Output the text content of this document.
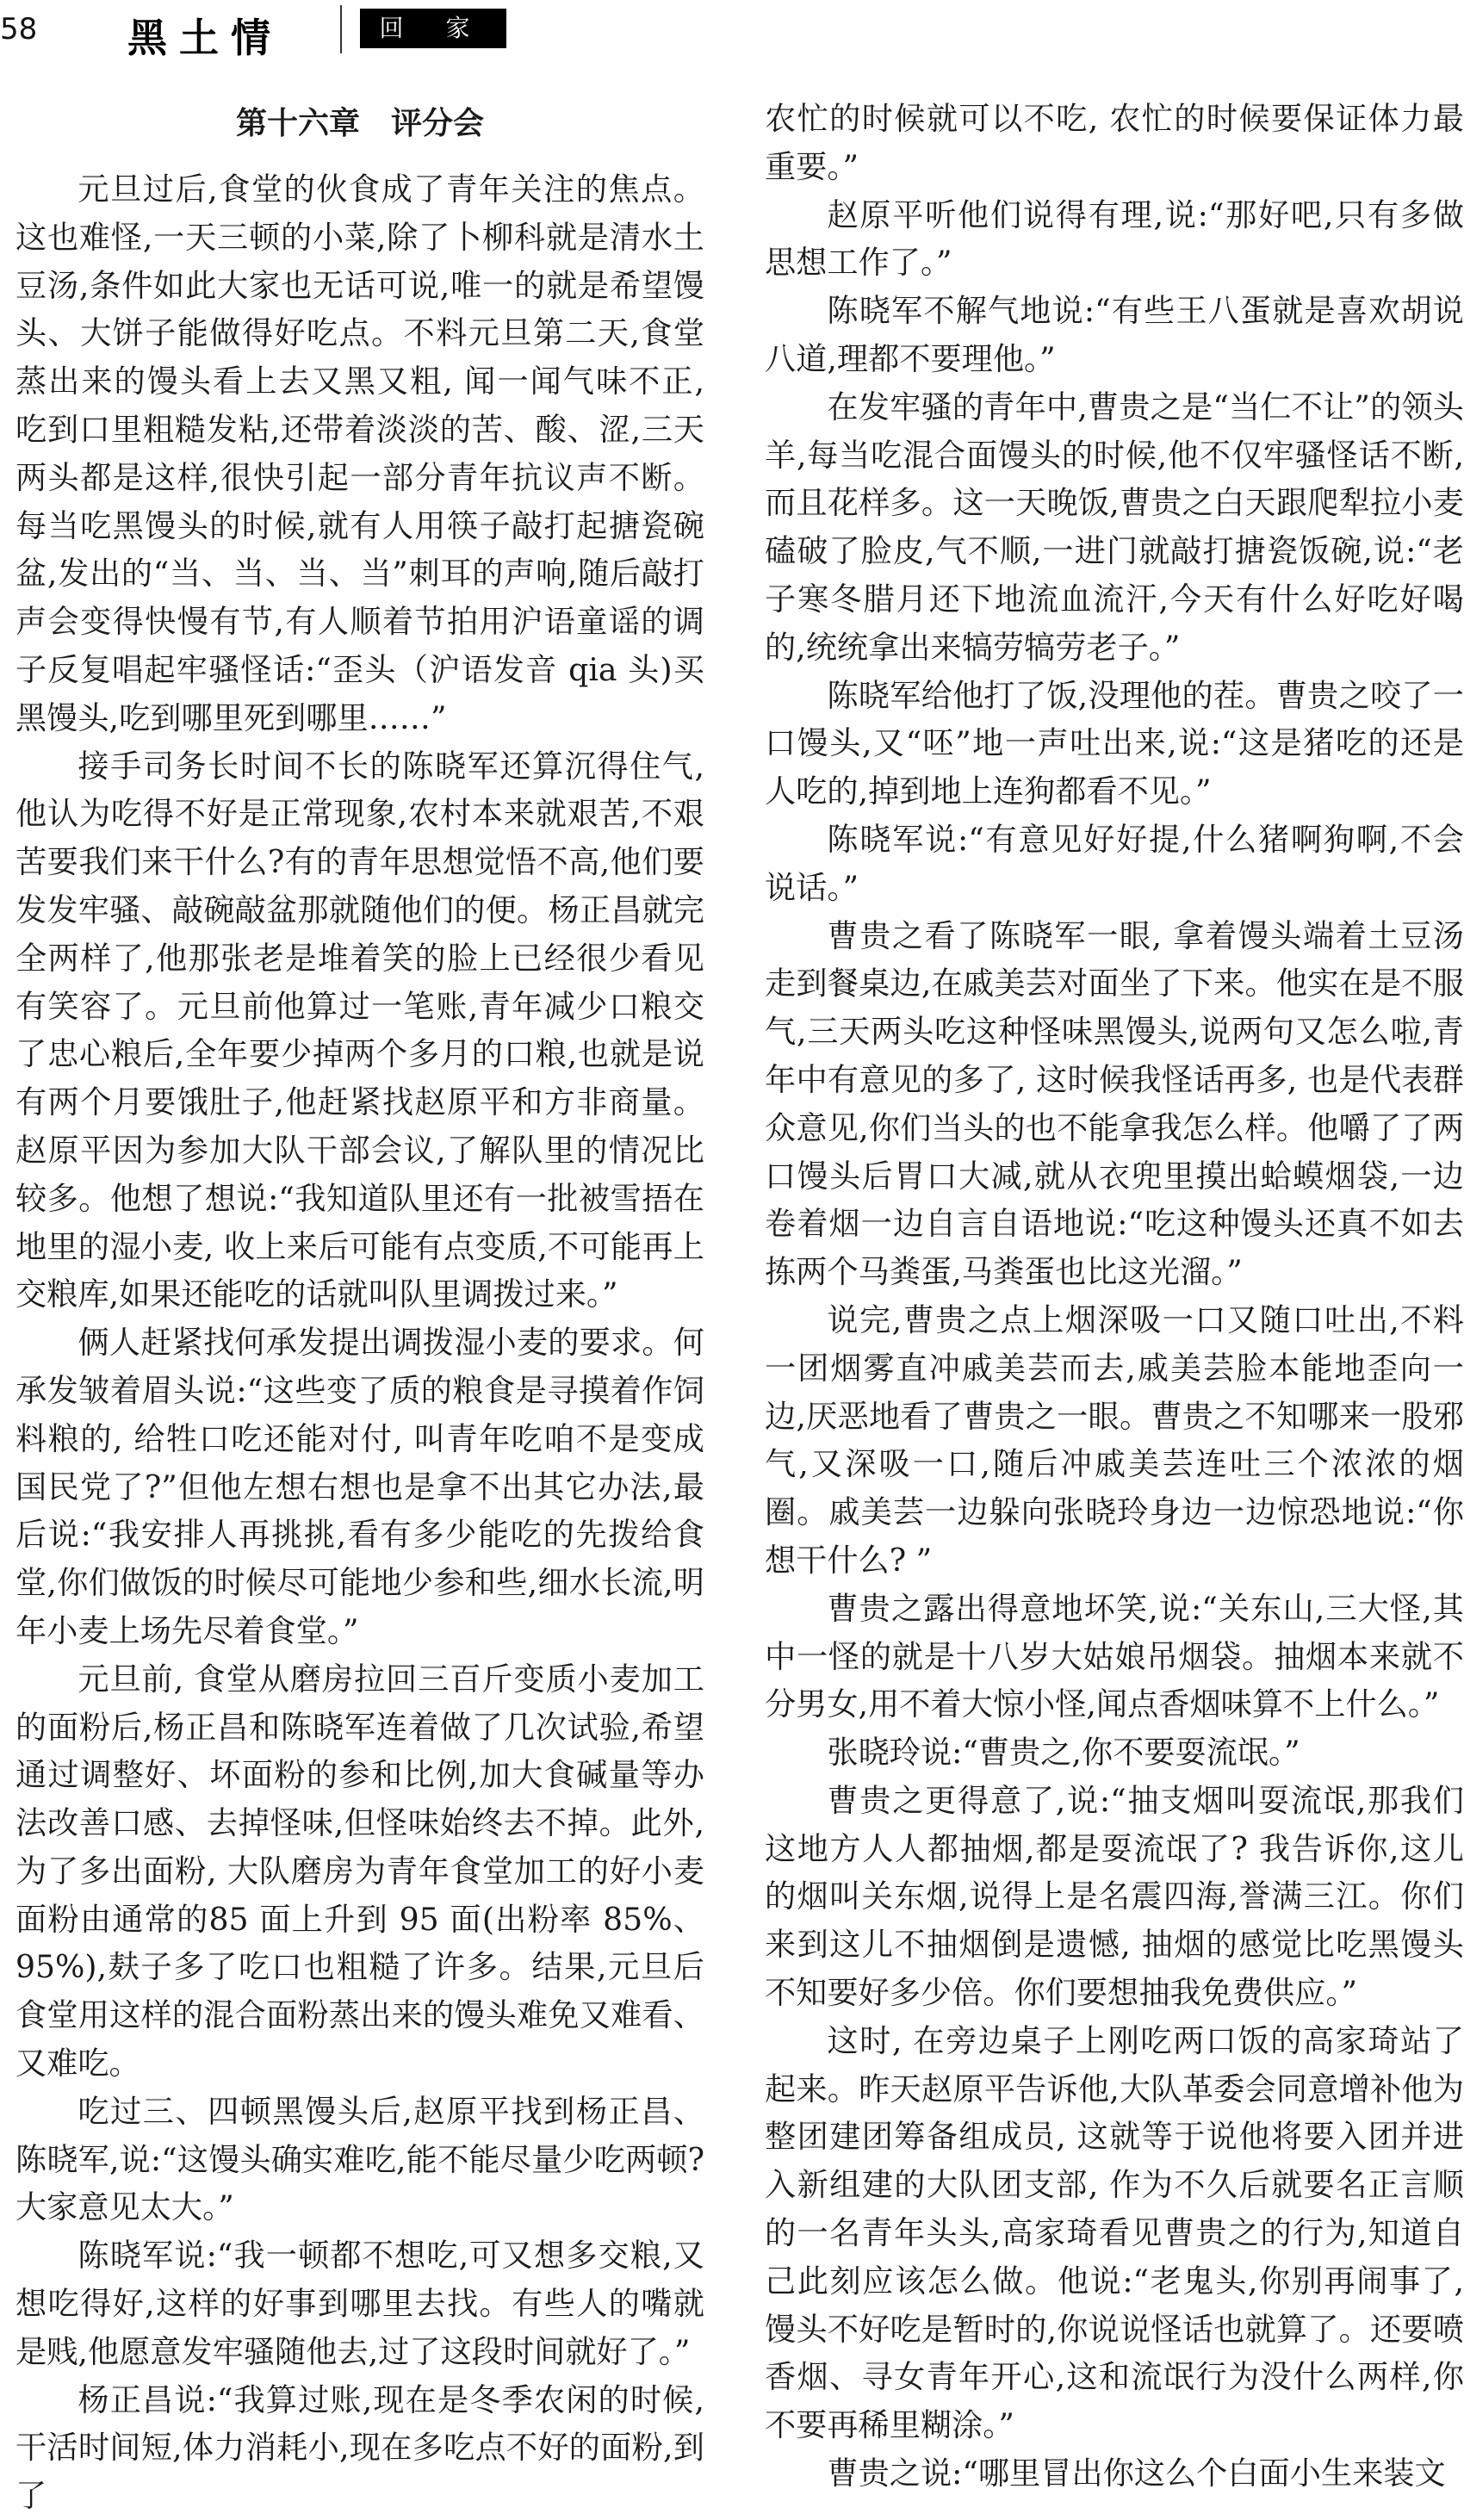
58 黑土情	回 家
第十六章　评分会

元旦过后,食堂的伙食成了青年关注的焦点。这也难怪,一天三顿的小菜,除了卜柳科就是清水土豆汤,条件如此大家也无话可说,唯一的就是希望馒头、大饼子能做得好吃点。不料元旦第二天,食堂蒸出来的馒头看上去又黑又粗, 闻一闻气味不正, 吃到口里粗糙发粘,还带着淡淡的苦、酸、涩,三天两头都是这样,很快引起一部分青年抗议声不断。每当吃黑馒头的时候,就有人用筷子敲打起搪瓷碗盆,发出的“当、当、当、当”刺耳的声响,随后敲打声会变得快慢有节,有人顺着节拍用沪语童谣的调子反复唱起牢骚怪话:“歪头（沪语发音 qia 头)买黑馒头,吃到哪里死到哪里……”

接手司务长时间不长的陈晓军还算沉得住气,他认为吃得不好是正常现象,农村本来就艰苦,不艰苦要我们来干什么?有的青年思想觉悟不高,他们要发发牢骚、敲碗敲盆那就随他们的便。杨正昌就完全两样了,他那张老是堆着笑的脸上已经很少看见有笑容了。元旦前他算过一笔账,青年减少口粮交了忠心粮后,全年要少掉两个多月的口粮,也就是说有两个月要饿肚子,他赶紧找赵原平和方非商量。赵原平因为参加大队干部会议,了解队里的情况比较多。他想了想说:“我知道队里还有一批被雪捂在地里的湿小麦, 收上来后可能有点变质,不可能再上交粮库,如果还能吃的话就叫队里调拨过来。”

俩人赶紧找何承发提出调拨湿小麦的要求。何承发皱着眉头说:“这些变了质的粮食是寻摸着作饲料粮的, 给牲口吃还能对付, 叫青年吃咱不是变成国民党了?”但他左想右想也是拿不出其它办法,最后说:“我安排人再挑挑,看有多少能吃的先拨给食堂,你们做饭的时候尽可能地少参和些,细水长流,明年小麦上场先尽着食堂。”

元旦前, 食堂从磨房拉回三百斤变质小麦加工的面粉后,杨正昌和陈晓军连着做了几次试验,希望通过调整好、坏面粉的参和比例,加大食碱量等办法改善口感、去掉怪味,但怪味始终去不掉。此外,为了多出面粉, 大队磨房为青年食堂加工的好小麦面粉由通常的85 面上升到 95 面(出粉率 85%、95%),麸子多了吃口也粗糙了许多。结果,元旦后食堂用这样的混合面粉蒸出来的馒头难免又难看、又难吃。

吃过三、四顿黑馒头后,赵原平找到杨正昌、陈晓军,说:“这馒头确实难吃,能不能尽量少吃两顿? 大家意见太大。”

陈晓军说:“我一顿都不想吃,可又想多交粮,又想吃得好,这样的好事到哪里去找。有些人的嘴就是贱,他愿意发牢骚随他去,过了这段时间就好了。”

杨正昌说:“我算过账,现在是冬季农闲的时候,干活时间短,体力消耗小,现在多吃点不好的面粉,到了

农忙的时候就可以不吃, 农忙的时候要保证体力最重要。”

赵原平听他们说得有理,说:“那好吧,只有多做思想工作了。”

陈晓军不解气地说:“有些王八蛋就是喜欢胡说八道,理都不要理他。”

在发牢骚的青年中,曹贵之是“当仁不让”的领头羊,每当吃混合面馒头的时候,他不仅牢骚怪话不断,而且花样多。这一天晚饭,曹贵之白天跟爬犁拉小麦磕破了脸皮,气不顺,一进门就敲打搪瓷饭碗,说:“老子寒冬腊月还下地流血流汗,今天有什么好吃好喝的,统统拿出来犒劳犒劳老子。”

陈晓军给他打了饭,没理他的茬。曹贵之咬了一口馒头,又“呸”地一声吐出来,说:“这是猪吃的还是人吃的,掉到地上连狗都看不见。”

陈晓军说:“有意见好好提,什么猪啊狗啊,不会说话。”

曹贵之看了陈晓军一眼, 拿着馒头端着土豆汤走到餐桌边,在戚美芸对面坐了下来。他实在是不服气,三天两头吃这种怪味黑馒头,说两句又怎么啦,青年中有意见的多了, 这时候我怪话再多, 也是代表群众意见,你们当头的也不能拿我怎么样。他嚼了了两口馒头后胃口大减,就从衣兜里摸出蛤蟆烟袋,一边卷着烟一边自言自语地说:“吃这种馒头还真不如去拣两个马粪蛋,马粪蛋也比这光溜。”

说完,曹贵之点上烟深吸一口又随口吐出,不料一团烟雾直冲戚美芸而去,戚美芸脸本能地歪向一边,厌恶地看了曹贵之一眼。曹贵之不知哪来一股邪气,又深吸一口,随后冲戚美芸连吐三个浓浓的烟圈。戚美芸一边躲向张晓玲身边一边惊恐地说:“你想干什么? ”

曹贵之露出得意地坏笑,说:“关东山,三大怪,其中一怪的就是十八岁大姑娘吊烟袋。抽烟本来就不分男女,用不着大惊小怪,闻点香烟味算不上什么。”

张晓玲说:“曹贵之,你不要耍流氓。”

曹贵之更得意了,说:“抽支烟叫耍流氓,那我们这地方人人都抽烟,都是耍流氓了? 我告诉你,这儿的烟叫关东烟,说得上是名震四海,誉满三江。你们来到这儿不抽烟倒是遗憾, 抽烟的感觉比吃黑馒头不知要好多少倍。你们要想抽我免费供应。”

这时, 在旁边桌子上刚吃两口饭的高家琦站了起来。昨天赵原平告诉他,大队革委会同意增补他为整团建团筹备组成员, 这就等于说他将要入团并进入新组建的大队团支部, 作为不久后就要名正言顺的一名青年头头,高家琦看见曹贵之的行为,知道自己此刻应该怎么做。他说:“老鬼头,你别再闹事了,馒头不好吃是暂时的,你说说怪话也就算了。还要喷香烟、寻女青年开心,这和流氓行为没什么两样,你不要再稀里糊涂。”

曹贵之说:“哪里冒出你这么个白面小生来装文
